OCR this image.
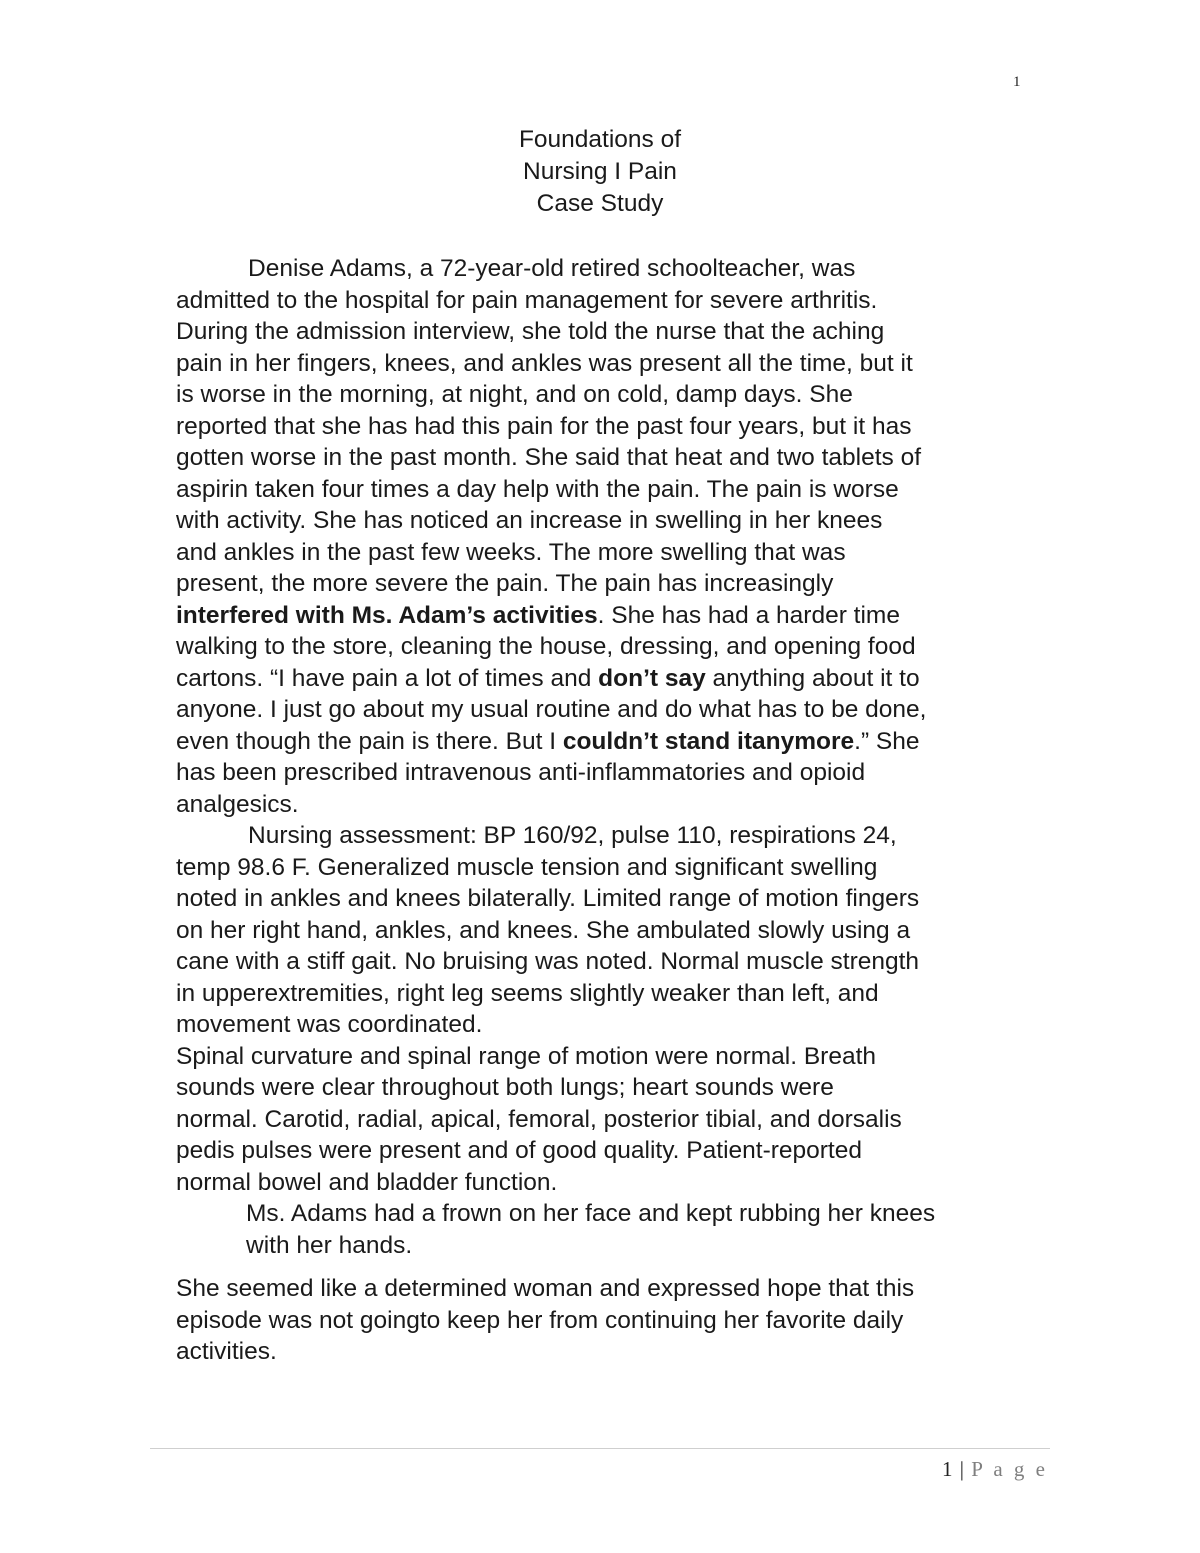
1
Foundations of
Nursing I Pain
Case Study

Denise Adams, a 72-year-old retired schoolteacher, was
admitted to the hospital for pain management for severe arthritis.
During the admission interview, she told the nurse that the aching
pain in her fingers, knees, and ankles was present all the time, but it
is worse in the morning, at night, and on cold, damp days. She
reported that she has had this pain for the past four years, but it has
gotten worse in the past month. She said that heat and two tablets of
aspirin taken four times a day help with the pain. The pain is worse
with activity. She has noticed an increase in swelling in her knees
and ankles in the past few weeks. The more swelling that was
present, the more severe the pain. The pain has increasingly
interfered with Ms. Adam’s activities. She has had a harder time
walking to the store, cleaning the house, dressing, and opening food
cartons. “I have pain a lot of times and don’t say anything about it to
anyone. I just go about my usual routine and do what has to be done,
even though the pain is there. But I couldn’t stand itanymore.” She
has been prescribed intravenous anti-inflammatories and opioid
analgesics.

Nursing assessment: BP 160/92, pulse 110, respirations 24,
temp 98.6 F. Generalized muscle tension and significant swelling
noted in ankles and knees bilaterally. Limited range of motion fingers
on her right hand, ankles, and knees. She ambulated slowly using a
cane with a stiff gait. No bruising was noted. Normal muscle strength
in upperextremities, right leg seems slightly weaker than left, and
movement was coordinated.

Spinal curvature and spinal range of motion were normal. Breath
sounds were clear throughout both lungs; heart sounds were
normal. Carotid, radial, apical, femoral, posterior tibial, and dorsalis
pedis pulses were present and of good quality. Patient-reported
normal bowel and bladder function.

Ms. Adams had a frown on her face and kept rubbing her knees
with her hands.

She seemed like a determined woman and expressed hope that this
episode was not goingto keep her from continuing her favorite daily
activities.

1 | P a g e
